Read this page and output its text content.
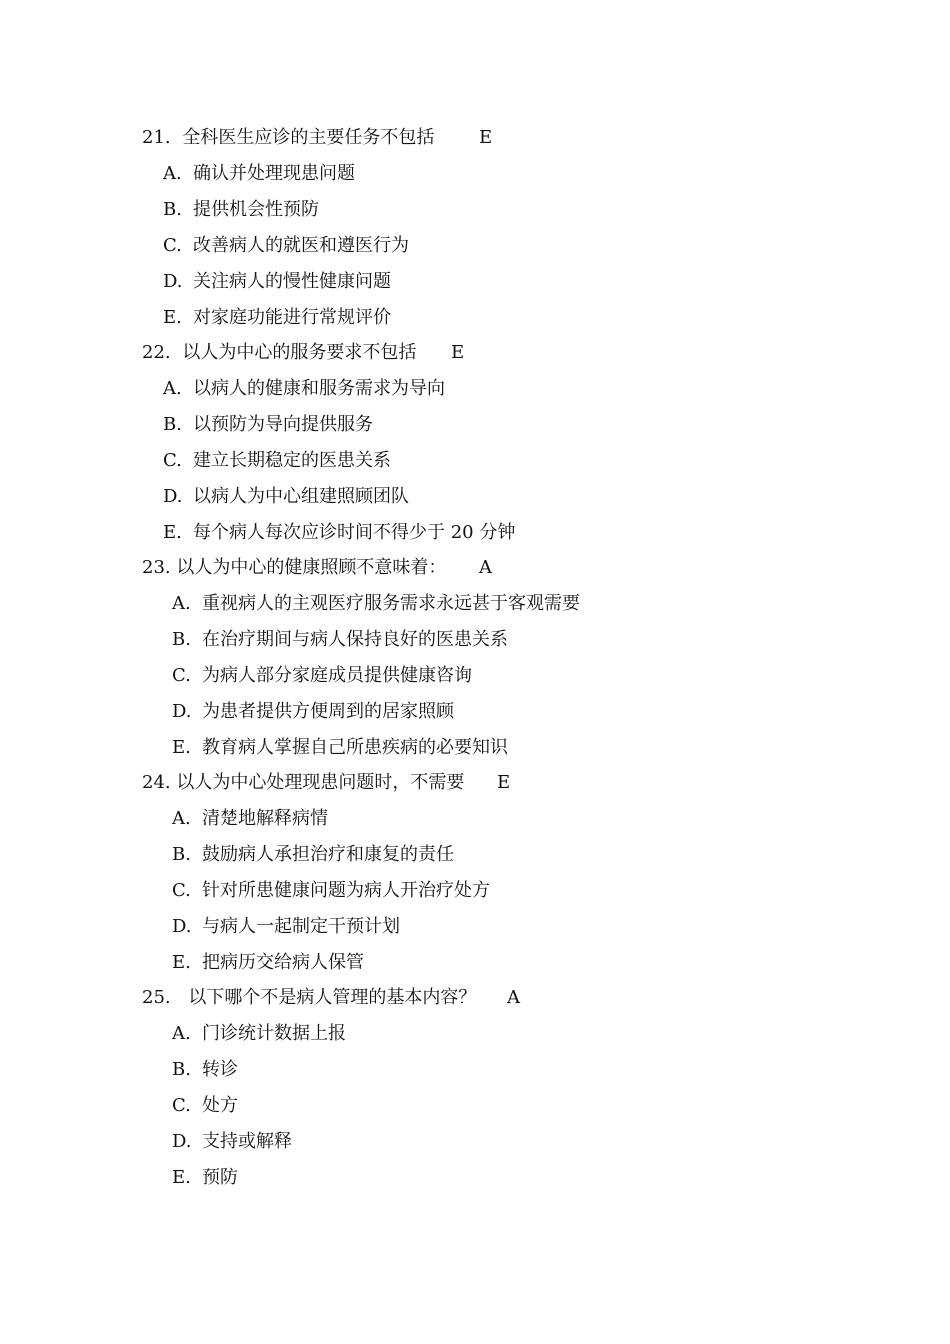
21. 全科医生应诊的主要任务不包括 E
A. 确认并处理现患问题
B. 提供机会性预防
C. 改善病人的就医和遵医行为
D. 关注病人的慢性健康问题
E. 对家庭功能进行常规评价
22. 以人为中心的服务要求不包括 E
A. 以病人的健康和服务需求为导向
B. 以预防为导向提供服务
C. 建立长期稳定的医患关系
D. 以病人为中心组建照顾团队
E. 每个病人每次应诊时间不得少于 20 分钟
23. 以人为中心的健康照顾不意味着： A
A. 重视病人的主观医疗服务需求永远甚于客观需要
B. 在治疗期间与病人保持良好的医患关系
C. 为病人部分家庭成员提供健康咨询
D. 为患者提供方便周到的居家照顾
E. 教育病人掌握自己所患疾病的必要知识
24. 以人为中心处理现患问题时，不需要 E
A. 清楚地解释病情
B. 鼓励病人承担治疗和康复的责任
C. 针对所患健康问题为病人开治疗处方
D. 与病人一起制定干预计划
E. 把病历交给病人保管
25. 以下哪个不是病人管理的基本内容？ A
A. 门诊统计数据上报
B. 转诊
C. 处方
D. 支持或解释
E. 预防
